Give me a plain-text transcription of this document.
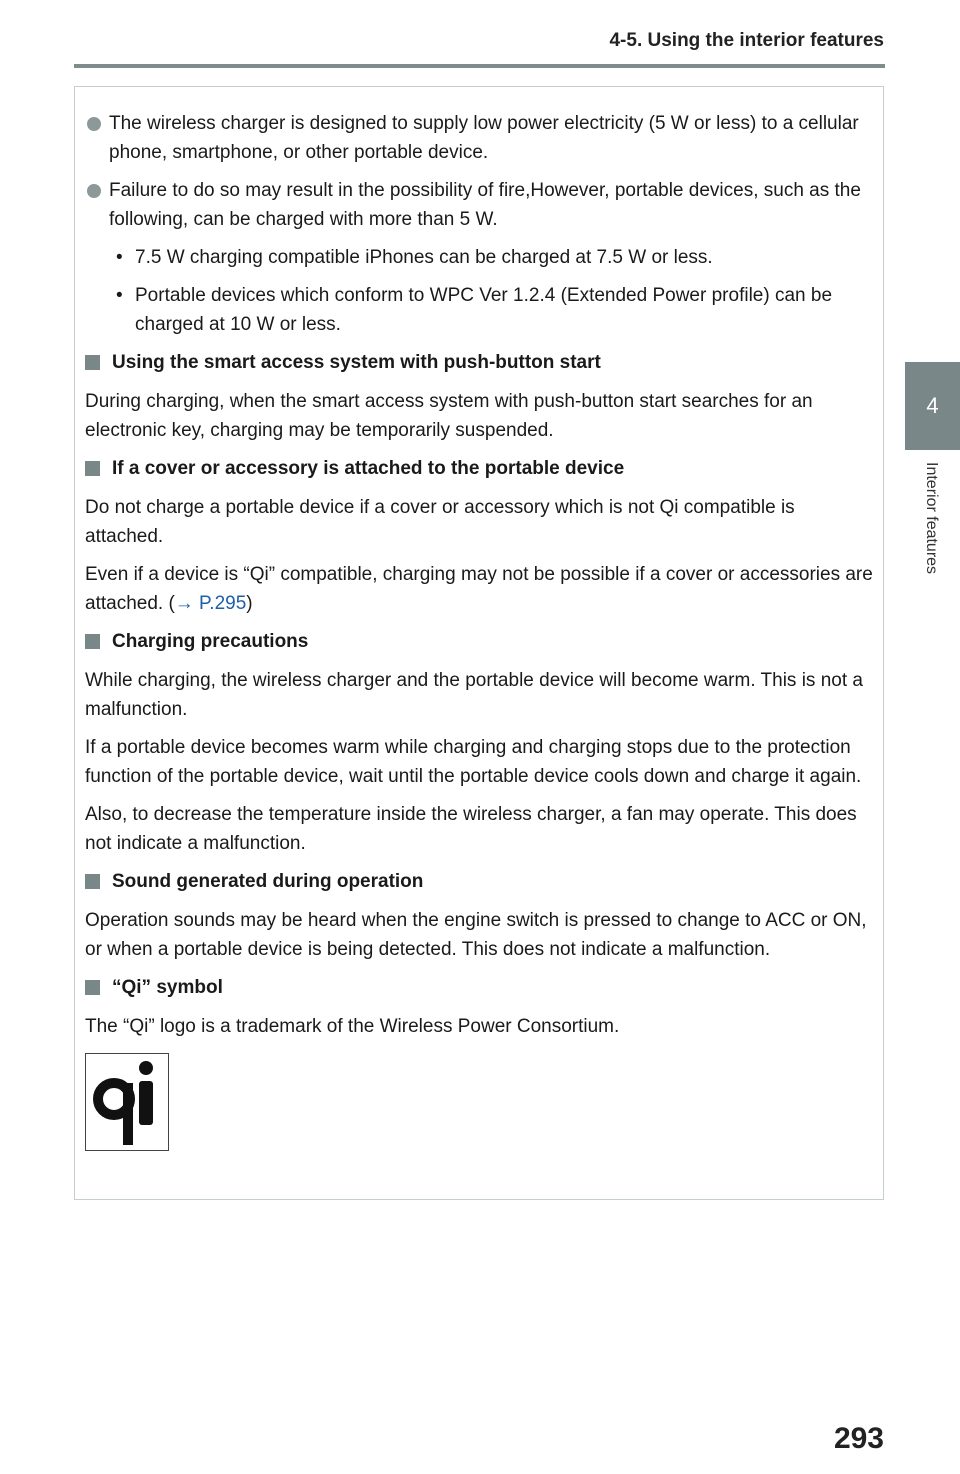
4-5. Using the interior features
4
Interior features
The wireless charger is designed to supply low power electricity (5 W or less) to a cellular phone, smartphone, or other portable device.
Failure to do so may result in the possibility of fire,However, portable devices, such as the following, can be charged with more than 5 W.
• 7.5 W charging compatible iPhones can be charged at 7.5 W or less.
• Portable devices which conform to WPC Ver 1.2.4 (Extended Power profile) can be charged at 10 W or less.
Using the smart access system with push-button start
During charging, when the smart access system with push-button start searches for an electronic key, charging may be temporarily suspended.
If a cover or accessory is attached to the portable device
Do not charge a portable device if a cover or accessory which is not Qi compatible is attached.
Even if a device is “Qi” compatible, charging may not be possible if a cover or accessories are attached. (→ P.295)
Charging precautions
While charging, the wireless charger and the portable device will become warm. This is not a malfunction.
If a portable device becomes warm while charging and charging stops due to the protection function of the portable device, wait until the portable device cools down and charge it again.
Also, to decrease the temperature inside the wireless charger, a fan may operate. This does not indicate a malfunction.
Sound generated during operation
Operation sounds may be heard when the engine switch is pressed to change to ACC or ON, or when a portable device is being detected. This does not indicate a malfunction.
“Qi” symbol
The “Qi” logo is a trademark of the Wireless Power Consortium.
293
